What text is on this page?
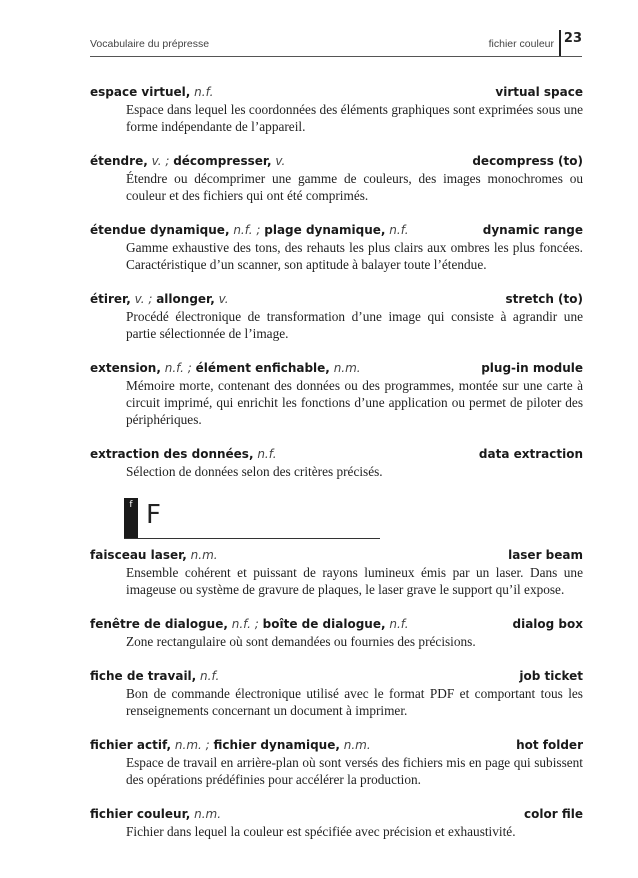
Vocabulaire du prépresse	fichier couleur 23
espace virtuel, n.f.	virtual space

Espace dans lequel les coordonnées des éléments graphiques sont exprimées sous une forme indépendante de l’appareil.

étendre, v. ; décompresser, v.	decompress (to)

Étendre ou décomprimer une gamme de couleurs, des images monochromes ou couleur et des fichiers qui ont été comprimés.

étendue dynamique, n.f. ; plage dynamique, n.f.	dynamic range

Gamme exhaustive des tons, des rehauts les plus clairs aux ombres les plus foncées. Caractéristique d’un scanner, son aptitude à balayer toute l’étendue.

étirer, v. ; allonger, v.	stretch (to)

Procédé électronique de transformation d’une image qui consiste à agrandir une partie sélectionnée de l’image.

extension, n.f. ; élément enfichable, n.m.	plug-in module

Mémoire morte, contenant des données ou des programmes, montée sur une carte à circuit imprimé, qui enrichit les fonctions d’une application ou permet de piloter des périphériques.

extraction des données, n.f.	data extraction

Sélection de données selon des critères précisés.

f F
faisceau laser, n.m.	laser beam

Ensemble cohérent et puissant de rayons lumineux émis par un laser. Dans une imageuse ou système de gravure de plaques, le laser grave le support qu’il expose.

fenêtre de dialogue, n.f. ; boîte de dialogue, n.f.	dialog box

Zone rectangulaire où sont demandées ou fournies des précisions.

fiche de travail, n.f.	job ticket

Bon de commande électronique utilisé avec le format PDF et comportant tous les renseignements concernant un document à imprimer.

fichier actif, n.m. ; fichier dynamique, n.m.	hot folder

Espace de travail en arrière-plan où sont versés des fichiers mis en page qui subissent des opérations prédéfinies pour accélérer la production.

fichier couleur, n.m.	color file

Fichier dans lequel la couleur est spécifiée avec précision et exhaustivité.
